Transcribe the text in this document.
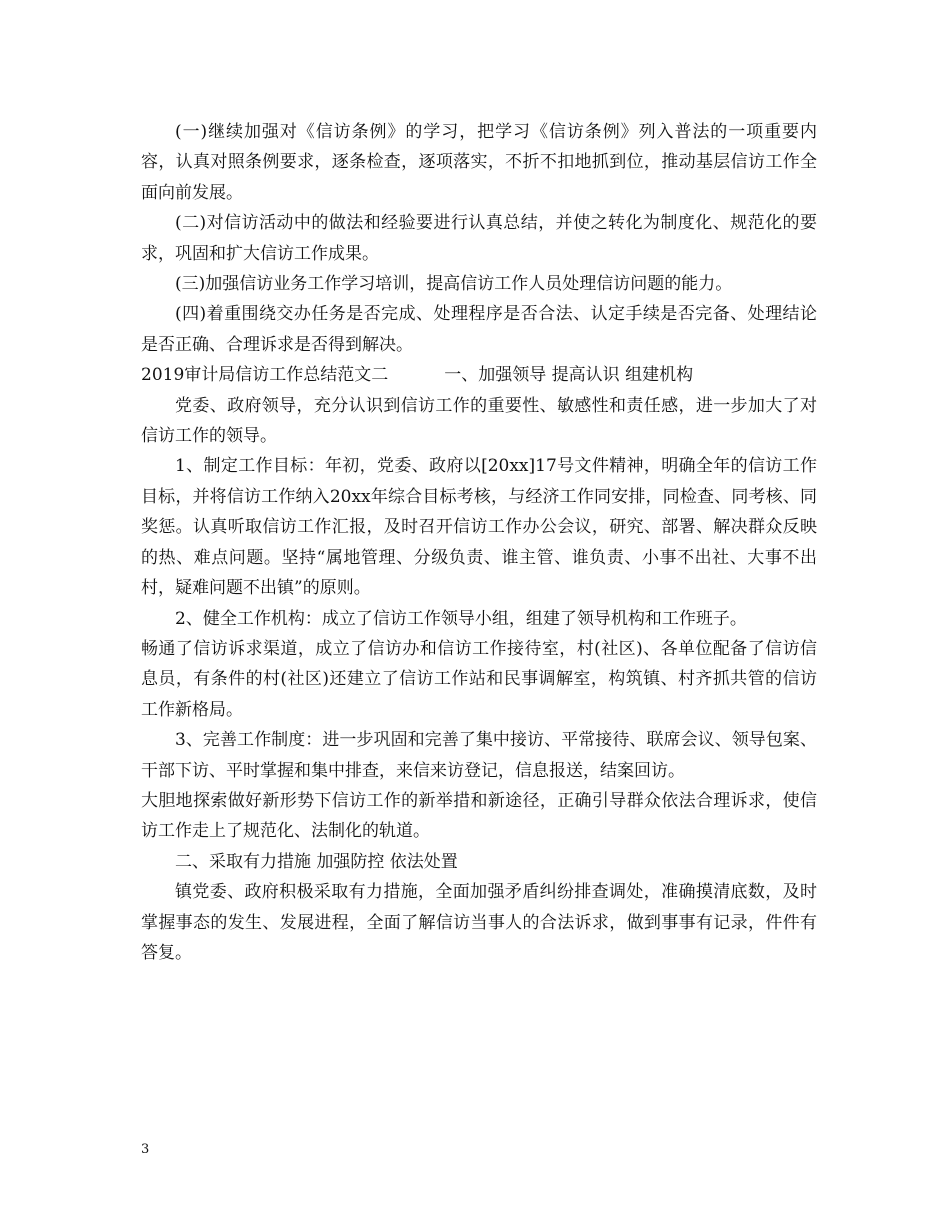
(一)继续加强对《信访条例》的学习，把学习《信访条例》列入普法的一项重要内容，认真对照条例要求，逐条检查，逐项落实，不折不扣地抓到位，推动基层信访工作全面向前发展。

(二)对信访活动中的做法和经验要进行认真总结，并使之转化为制度化、规范化的要求，巩固和扩大信访工作成果。

(三)加强信访业务工作学习培训，提高信访工作人员处理信访问题的能力。

(四)着重围绕交办任务是否完成、处理程序是否合法、认定手续是否完备、处理结论是否正确、合理诉求是否得到解决。

2019审计局信访工作总结范文二	一、加强领导 提高认识 组建机构

党委、政府领导，充分认识到信访工作的重要性、敏感性和责任感，进一步加大了对信访工作的领导。

1、制定工作目标：年初，党委、政府以[20xx]17号文件精神，明确全年的信访工作目标，并将信访工作纳入20xx年综合目标考核，与经济工作同安排，同检查、同考核、同奖惩。认真听取信访工作汇报，及时召开信访工作办公会议，研究、部署、解决群众反映的热、难点问题。坚持“属地管理、分级负责、谁主管、谁负责、小事不出社、大事不出村，疑难问题不出镇”的原则。

2、健全工作机构：成立了信访工作领导小组，组建了领导机构和工作班子。

畅通了信访诉求渠道，成立了信访办和信访工作接待室，村(社区)、各单位配备了信访信息员，有条件的村(社区)还建立了信访工作站和民事调解室，构筑镇、村齐抓共管的信访工作新格局。

3、完善工作制度：进一步巩固和完善了集中接访、平常接待、联席会议、领导包案、干部下访、平时掌握和集中排查，来信来访登记，信息报送，结案回访。

大胆地探索做好新形势下信访工作的新举措和新途径，正确引导群众依法合理诉求，使信访工作走上了规范化、法制化的轨道。

二、采取有力措施 加强防控 依法处置

镇党委、政府积极采取有力措施，全面加强矛盾纠纷排查调处，准确摸清底数，及时掌握事态的发生、发展进程，全面了解信访当事人的合法诉求，做到事事有记录，件件有答复。

3
